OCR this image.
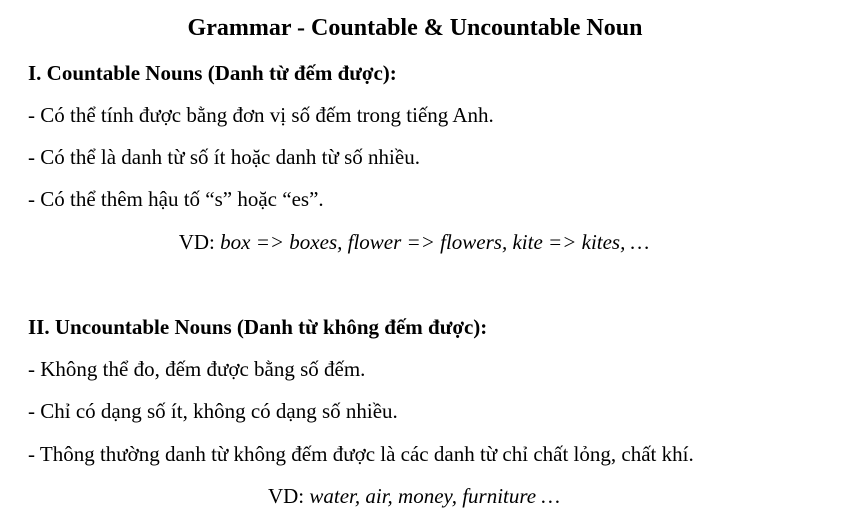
Grammar - Countable & Uncountable Noun
I. Countable Nouns (Danh từ đếm được):
- Có thể tính được bằng đơn vị số đếm trong tiếng Anh.
- Có thể là danh từ số ít hoặc danh từ số nhiều.
- Có thể thêm hậu tố “s” hoặc “es”.
VD: box => boxes, flower => flowers, kite => kites, …
II. Uncountable Nouns (Danh từ không đếm được):
- Không thể đo, đếm được bằng số đếm.
- Chỉ có dạng số ít, không có dạng số nhiều.
- Thông thường danh từ không đếm được là các danh từ chỉ chất lỏng, chất khí.
VD: water, air, money, furniture …
